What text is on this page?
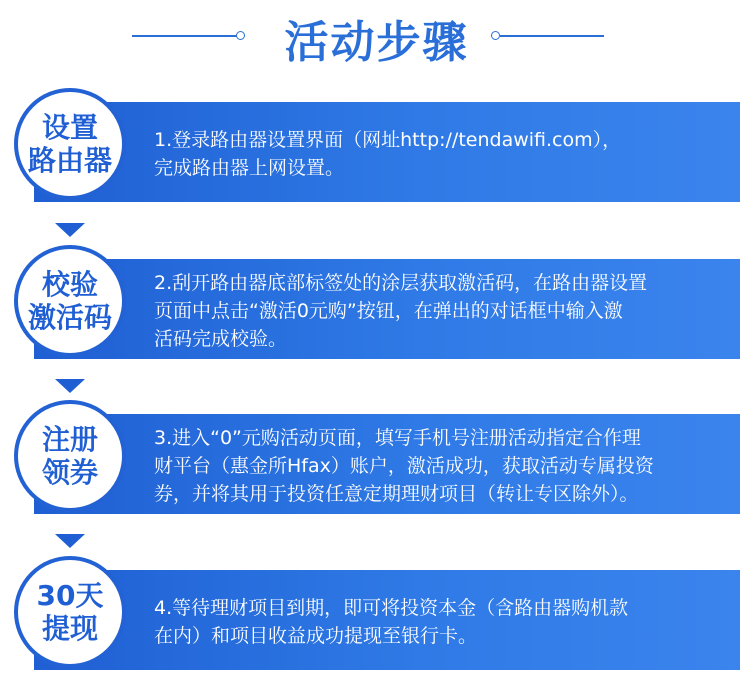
活动步骤
设置
路由器
1.登录路由器设置界面（网址http://tendawifi.com），
完成路由器上网设置。
校验
激活码
2.刮开路由器底部标签处的涂层获取激活码，在路由器设置
页面中点击“激活0元购”按钮，在弹出的对话框中输入激
活码完成校验。
注册
领券
3.进入“0”元购活动页面，填写手机号注册活动指定合作理
财平台（惠金所Hfax）账户，激活成功，获取活动专属投资
券，并将其用于投资任意定期理财项目（转让专区除外）。
30天
提现
4.等待理财项目到期，即可将投资本金（含路由器购机款
在内）和项目收益成功提现至银行卡。
